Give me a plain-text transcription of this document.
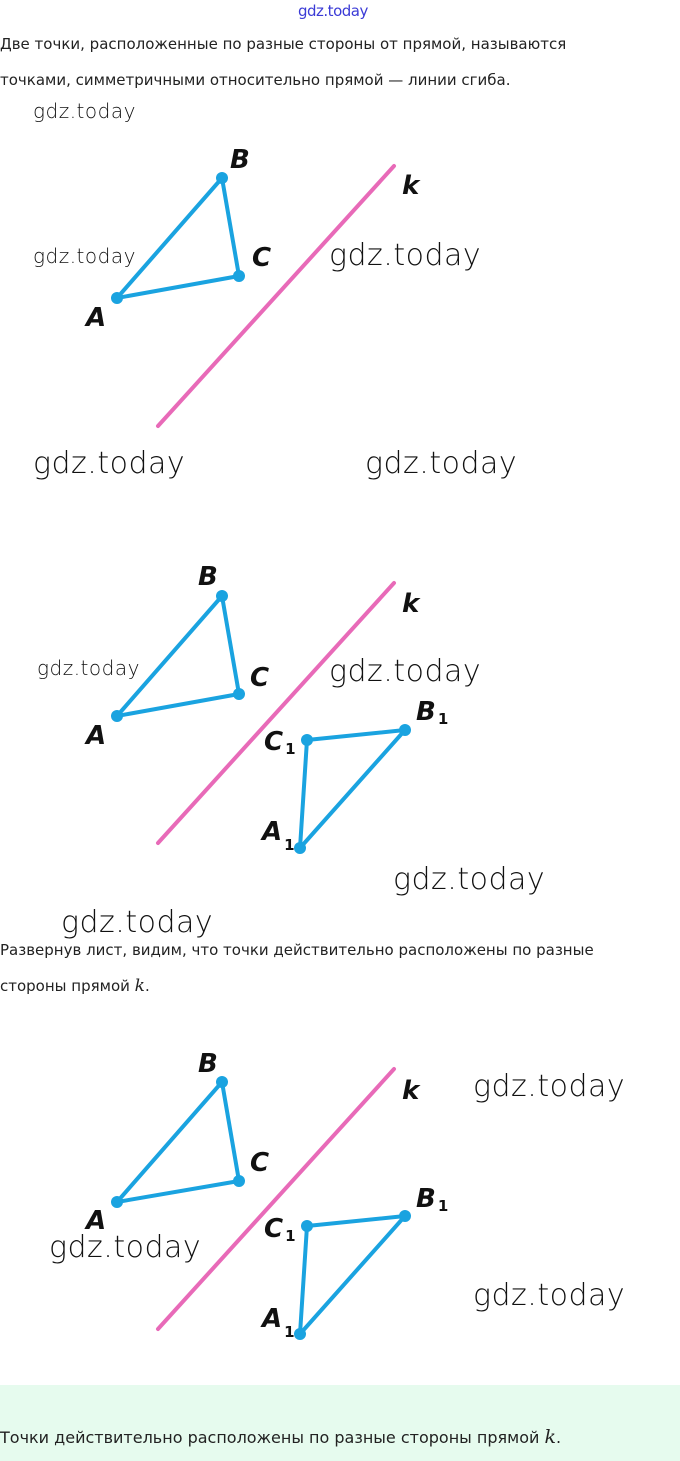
gdz.today
Две точки, расположенные по разные стороны от прямой, называются
точками, симметричными относительно прямой — линии сгиба.
B
C
A
k
B
C
A
k
B 1
C 1
A $_1$
Развернув лист, видим, что точки действительно расположены по разные
стороны прямой k.
B
C
A
k
B 1
C 1
A $_1$
gdz.today
gdz.today	gdz.today
gdz.today	gdz.today
gdz.today	gdz.today
gdz.today
gdz.today
gdz.today
gdz.today
gdz.today
Точки действительно расположены по разные стороны прямой k.
